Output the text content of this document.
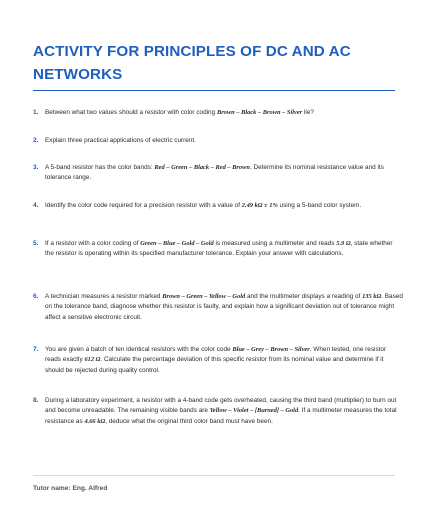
ACTIVITY FOR PRINCIPLES OF DC AND AC NETWORKS
1. Between what two values should a resistor with color coding Brown – Black – Brown – Silver lie?
2. Explain three practical applications of electric current.
3. A 5-band resistor has the color bands: Red – Green – Black – Red – Brown. Determine its nominal resistance value and its tolerance range.
4. Identify the color code required for a precision resistor with a value of 2.49 kΩ ± 1% using a 5-band color system.
5. If a resistor with a color coding of Green – Blue – Gold – Gold is measured using a multimeter and reads 5.9 Ω, state whether the resistor is operating within its specified manufacturer tolerance. Explain your answer with calculations.
6. A technician measures a resistor marked Brown – Green – Yellow – Gold and the multimeter displays a reading of 135 kΩ. Based on the tolerance band, diagnose whether this resistor is faulty, and explain how a significant deviation out of tolerance might affect a sensitive electronic circuit.
7. You are given a batch of ten identical resistors with the color code Blue – Grey – Brown – Silver. When tested, one resistor reads exactly 612 Ω. Calculate the percentage deviation of this specific resistor from its nominal value and determine if it should be rejected during quality control.
8. During a laboratory experiment, a resistor with a 4-band code gets overheated, causing the third band (multiplier) to burn out and become unreadable. The remaining visible bands are Yellow – Violet – [Burned] – Gold. If a multimeter measures the total resistance as 4.66 kΩ, deduce what the original third color band must have been.
Tutor name: Eng. Alfred
